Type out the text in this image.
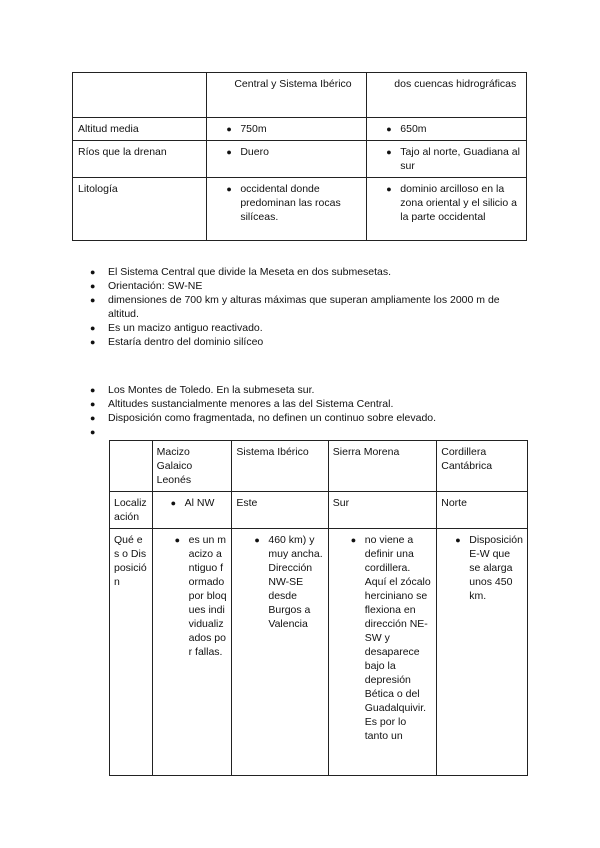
	Central y Sistema Ibérico	dos cuencas hidrográficas
Altitud media	● 750m	● 650m

Ríos que la drenan	● Duero	● Tajo al norte, Guadiana al sur

Litología	● occidental donde predominan las rocas silíceas.	● dominio arcilloso en la zona oriental y el silicio a la parte occidental
●	El Sistema Central que divide la Meseta en dos submesetas.
●	Orientación: SW-NE
●	dimensiones de 700 km y alturas máximas que superan ampliamente los 2000 m de altitud.
●	Es un macizo antiguo reactivado.
●	Estaría dentro del dominio silíceo
●	Los Montes de Toledo. En la submeseta sur.
●	Altitudes sustancialmente menores a las del Sistema Central.
●	Disposición como fragmentada, no definen un continuo sobre elevado.
●
	Macizo Galaico Leonés	Sistema Ibérico	Sierra Morena	Cordillera Cantábrica
Localización	● Al NW	Este	Sur	Norte
Qué es o Disposición	● es un macizo antiguo formado por bloques individualizados por fallas.	● 460 km) y muy ancha. Dirección NW-SE desde Burgos a Valencia	● no viene a definir una cordillera. Aquí el zócalo herciniano se flexiona en dirección NE-SW y desaparece bajo la depresión Bética o del Guadalquivir. Es por lo tanto un	● Disposición E-W que se alarga unos 450 km.
